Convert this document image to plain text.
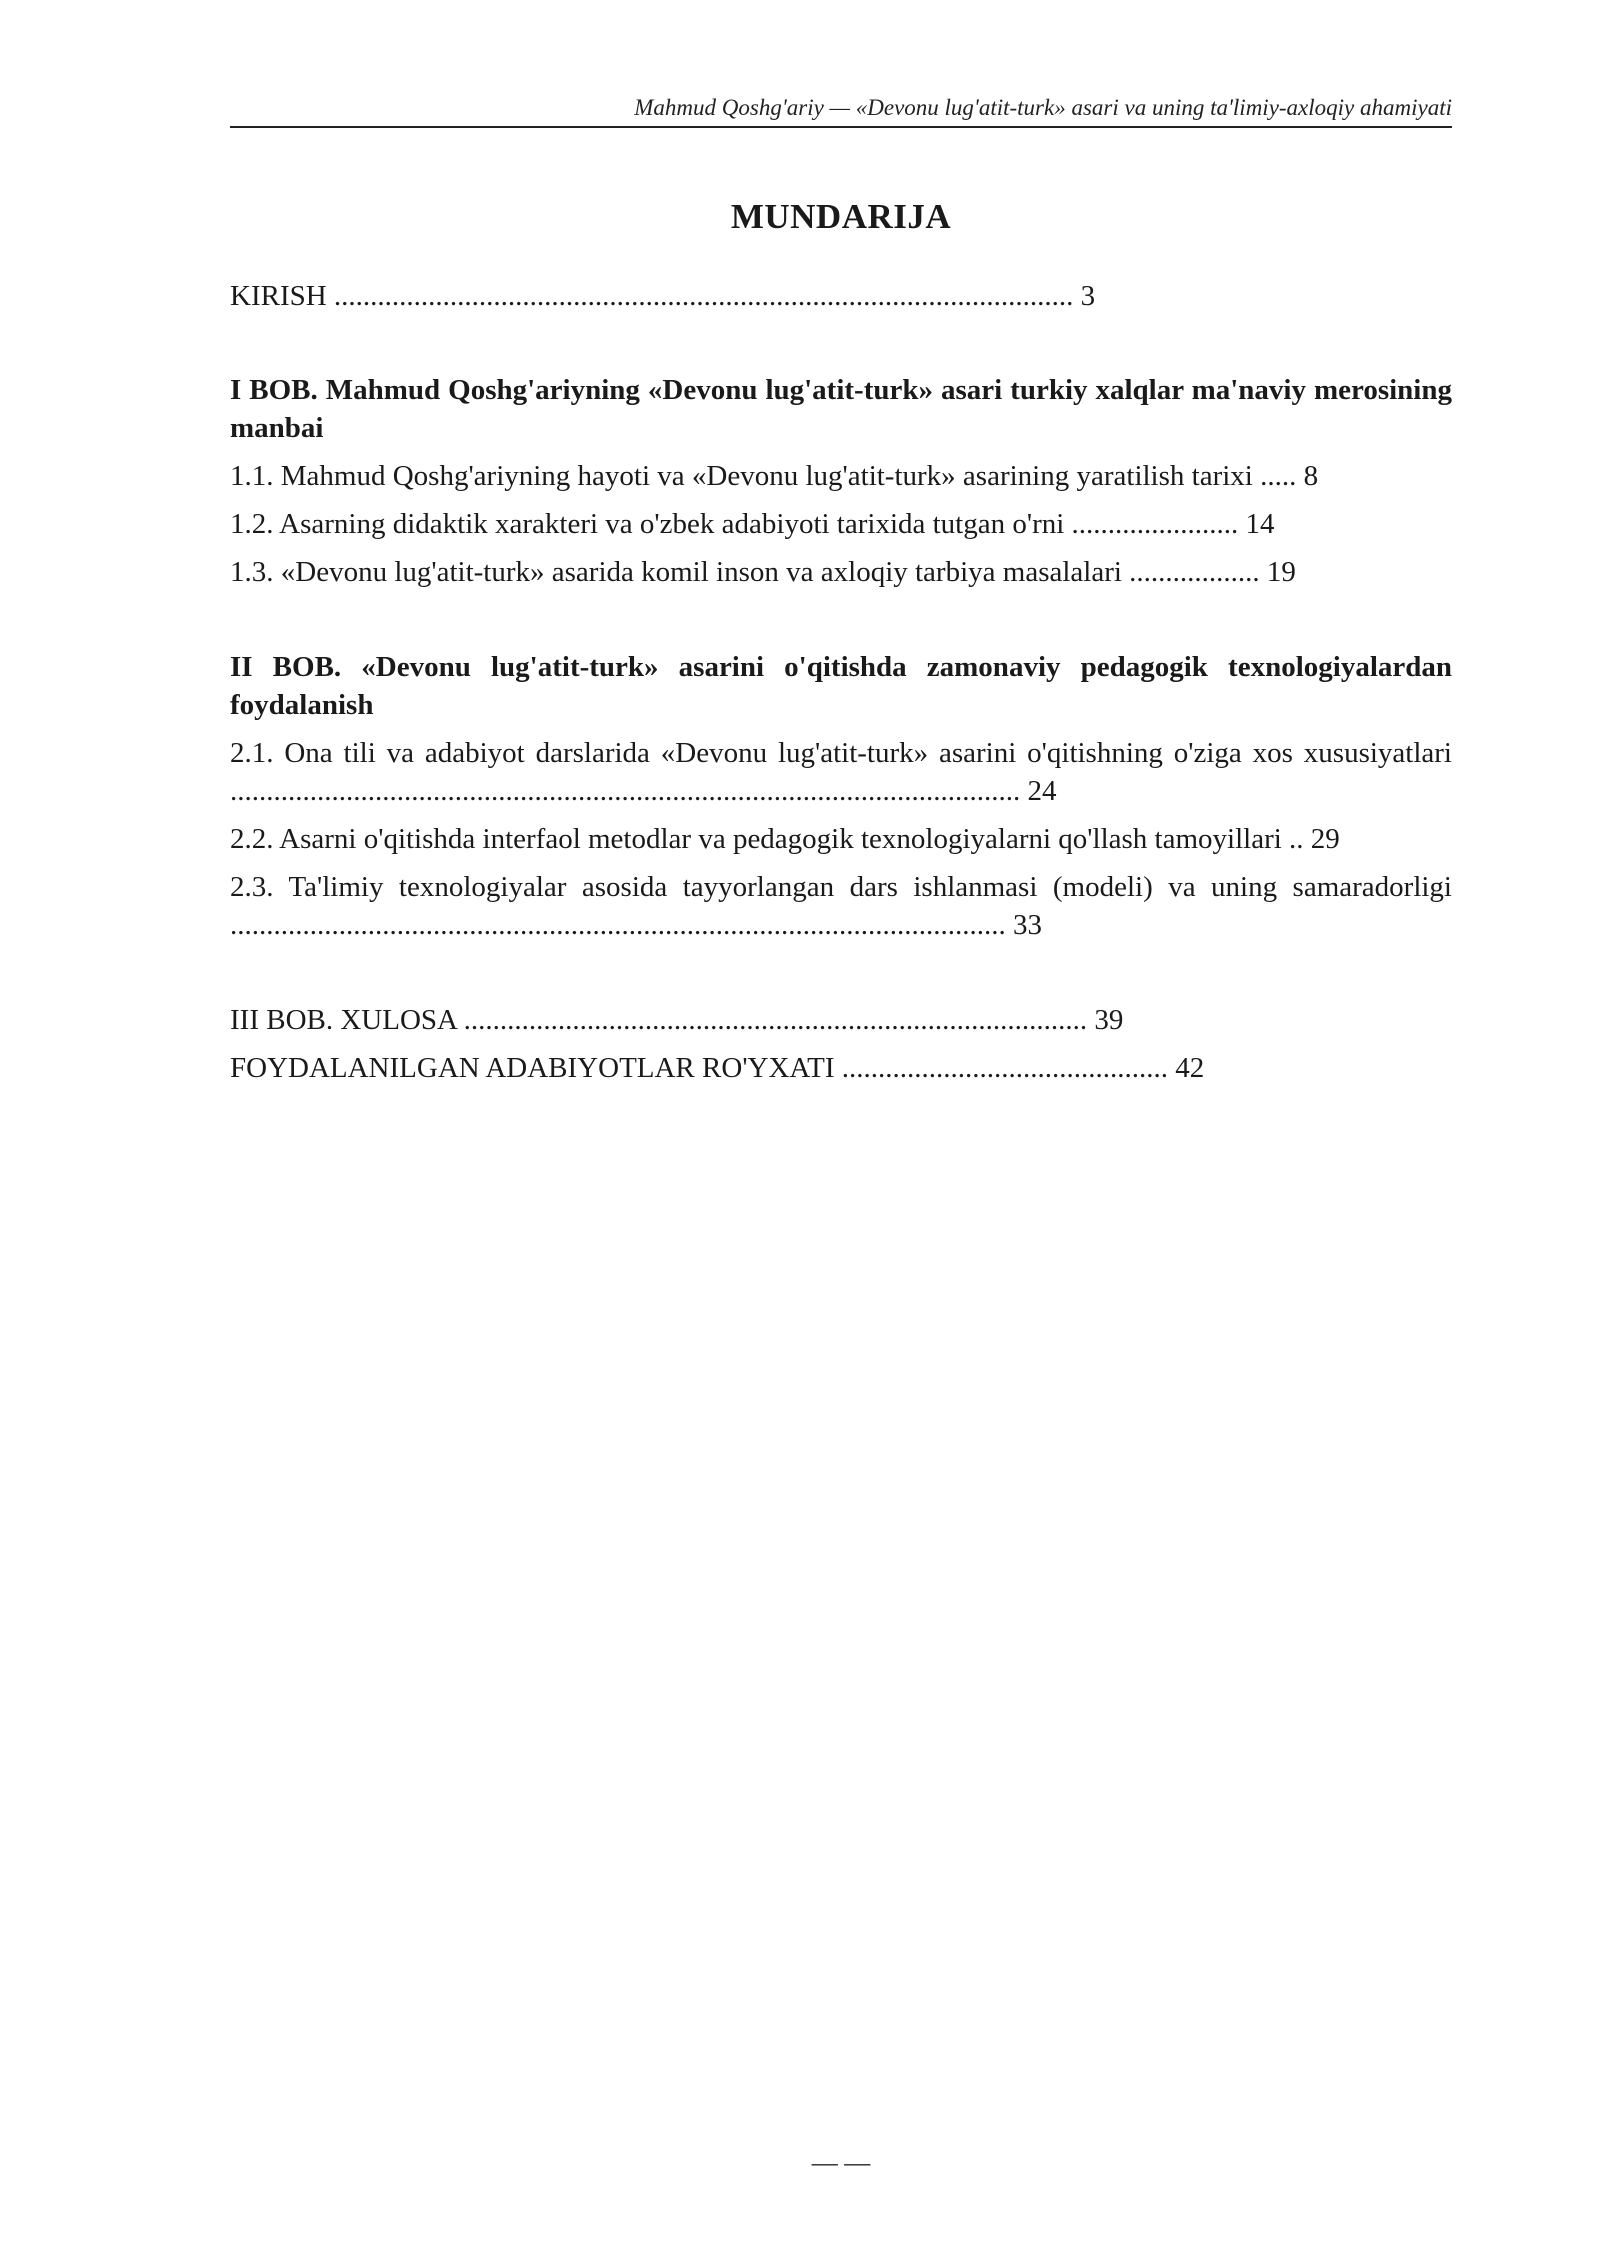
Mahmud Qoshg'ariy — «Devonu lug'atit-turk» asari va uning ta'limiy-axloqiy ahamiyati
MUNDARIJA

KIRISH ...................................................................................................... 3

I BOB. Mahmud Qoshg'ariyning «Devonu lug'atit-turk» asari turkiy xalqlar ma'naviy merosining manbai

1.1. Mahmud Qoshg'ariyning hayoti va «Devonu lug'atit-turk» asarining yaratilish tarixi ..... 8

1.2. Asarning didaktik xarakteri va o'zbek adabiyoti tarixida tutgan o'rni ....................... 14

1.3. «Devonu lug'atit-turk» asarida komil inson va axloqiy tarbiya masalalari .................. 19

II BOB. «Devonu lug'atit-turk» asarini o'qitishda zamonaviy pedagogik texnologiyalardan foydalanish

2.1. Ona tili va adabiyot darslarida «Devonu lug'atit-turk» asarini o'qitishning o'ziga xos xususiyatlari ............................................................................................................. 24

2.2. Asarni o'qitishda interfaol metodlar va pedagogik texnologiyalarni qo'llash tamoyillari .. 29

2.3. Ta'limiy texnologiyalar asosida tayyorlangan dars ishlanmasi (modeli) va uning samaradorligi ........................................................................................................... 33

III BOB. XULOSA ...................................................................................... 39

FOYDALANILGAN ADABIYOTLAR RO'YXATI ............................................. 42

— —
